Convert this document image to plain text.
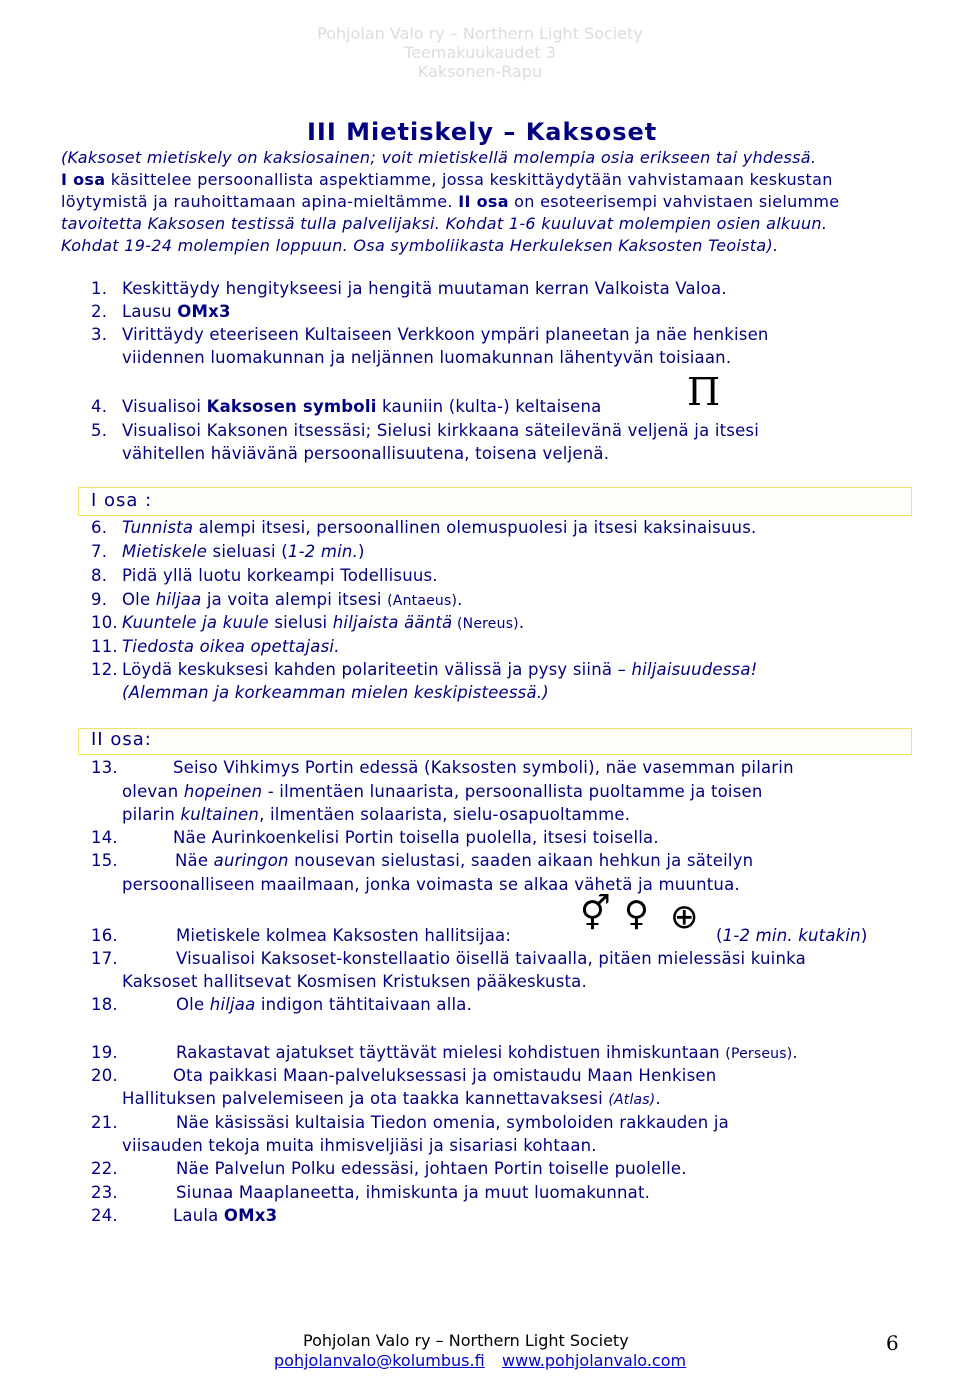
Pohjolan Valo ry – Northern Light Society
Teemakuukaudet 3
Kaksonen-Rapu
III Mietiskely – Kaksoset
(Kaksoset mietiskely on kaksiosainen; voit mietiskellä molempia osia erikseen tai yhdessä.
I osa käsittelee persoonallista aspektiamme, jossa keskittäydytään vahvistamaan keskustan
löytymistä ja rauhoittamaan apina-mieltämme. II osa on esoteerisempi vahvistaen sielumme
tavoitetta Kaksosen testissä tulla palvelijaksi. Kohdat 1-6 kuuluvat molempien osien alkuun.
Kohdat 19-24 molempien loppuun. Osa symboliikasta Herkuleksen Kaksosten Teoista).
1. Keskittäydy hengitykseesi ja hengitä muutaman kerran Valkoista Valoa.
2. Lausu OMx3
3. Virittäydy eteeriseen Kultaiseen Verkkoon ympäri planeetan ja näe henkisen
viidennen luomakunnan ja neljännen luomakunnan lähentyvän toisiaan.
4. Visualisoi Kaksosen symboli kauniin (kulta-) keltaisena Π
5. Visualisoi Kaksonen itsessäsi; Sielusi kirkkaana säteilevänä veljenä ja itsesi
vähitellen häviävänä persoonallisuutena, toisena veljenä.
I osa :
6. Tunnista alempi itsesi, persoonallinen olemuspuolesi ja itsesi kaksinaisuus.
7. Mietiskele sieluasi (1-2 min.)
8. Pidä yllä luotu korkeampi Todellisuus.
9. Ole hiljaa ja voita alempi itsesi (Antaeus).
10. Kuuntele ja kuule sielusi hiljaista ääntä (Nereus).
11. Tiedosta oikea opettajasi.
12. Löydä keskuksesi kahden polariteetin välissä ja pysy siinä – hiljaisuudessa!
(Alemman ja korkeamman mielen keskipisteessä.)
II osa:
13.	Seiso Vihkimys Portin edessä (Kaksosten symboli), näe vasemman pilarin
olevan hopeinen - ilmentäen lunaarista, persoonallista puoltamme ja toisen
pilarin kultainen, ilmentäen solaarista, sielu-osapuoltamme.
14.	Näe Aurinkoenkelisi Portin toisella puolella, itsesi toisella.
15.	Näe auringon nousevan sielustasi, saaden aikaan hehkun ja säteilyn
persoonalliseen maailmaan, jonka voimasta se alkaa vähetä ja muuntua.
16.	Mietiskele kolmea Kaksosten hallitsijaa:
⚥ ♀ ⊕ (1-2 min. kutakin)
17.	Visualisoi Kaksoset-konstellaatio öisellä taivaalla, pitäen mielessäsi kuinka
Kaksoset hallitsevat Kosmisen Kristuksen pääkeskusta.
18.	Ole hiljaa indigon tähtitaivaan alla.
19.	Rakastavat ajatukset täyttävät mielesi kohdistuen ihmiskuntaan (Perseus).
20.	Ota paikkasi Maan-palveluksessasi ja omistaudu Maan Henkisen
Hallituksen palvelemiseen ja ota taakka kannettavaksesi (Atlas).
21.	Näe käsissäsi kultaisia Tiedon omenia, symboloiden rakkauden ja
viisauden tekoja muita ihmisveljiäsi ja sisariasi kohtaan.
22.	Näe Palvelun Polku edessäsi, johtaen Portin toiselle puolelle.
23.	Siunaa Maaplaneetta, ihmiskunta ja muut luomakunnat.
24.	Laula OMx3
Pohjolan Valo ry – Northern Light Society
pohjolanvalo@kolumbus.fi www.pohjolanvalo.com
6
